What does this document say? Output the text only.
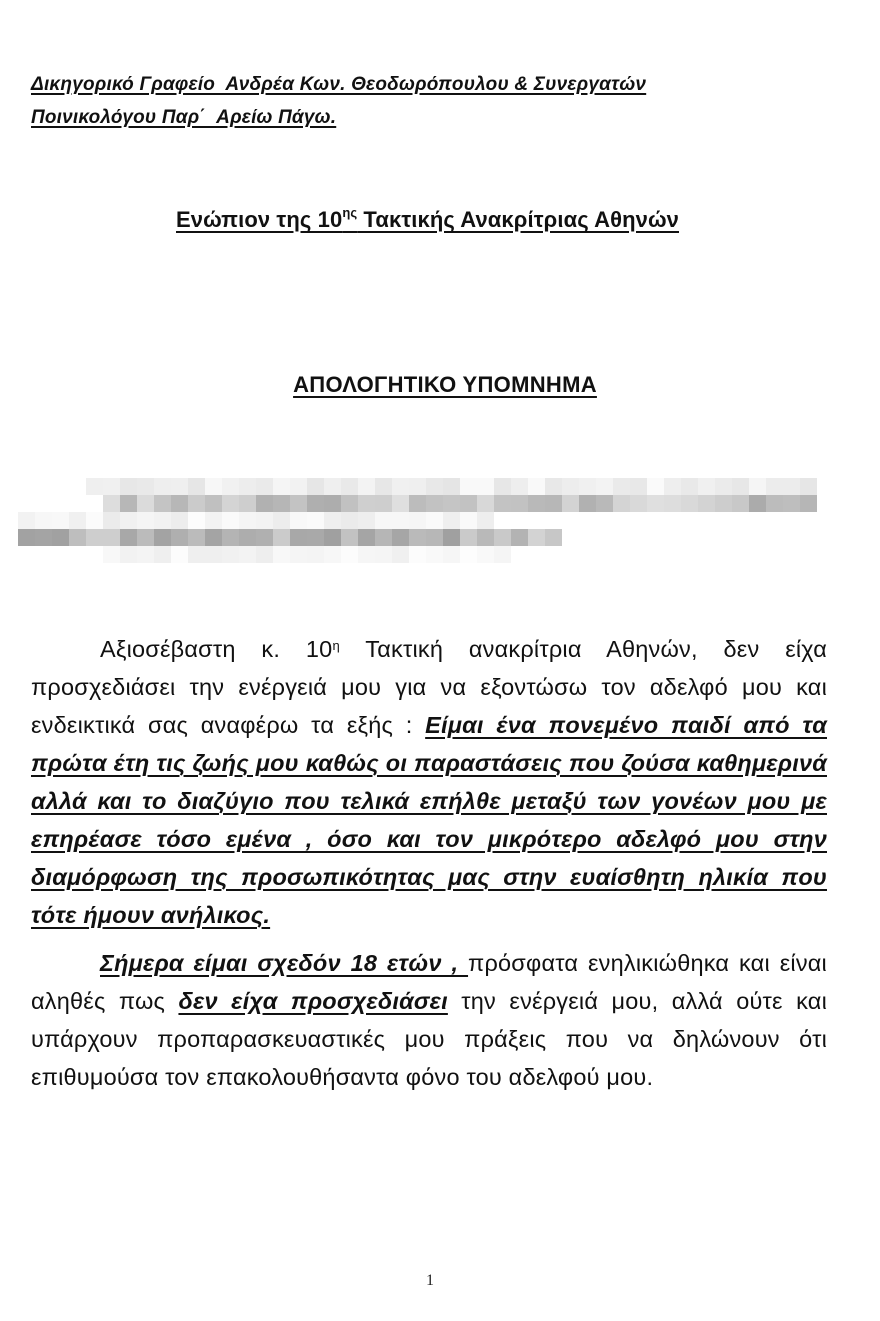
Δικηγορικό Γραφείο  Ανδρέα Κων. Θεοδωρόπουλου & Συνεργατών
Ποινικολόγου Παρ΄  Αρείω Πάγω.
Ενώπιον της $10^{\eta\varsigma}$ Τακτικής Ανακρίτριας Αθηνών
ΑΠΟΛΟΓΗΤΙΚΟ ΥΠΟΜΝΗΜΑ

Αξιοσέβαστη κ. $10^\eta$ Τακτική ανακρίτρια Αθηνών, δεν είχα προσχεδιάσει την ενέργειά μου για να εξοντώσω τον αδελφό μου και ενδεικτικά σας αναφέρω τα εξής : Είμαι ένα πονεμένο παιδί από τα πρώτα έτη τις ζωής μου καθώς οι παραστάσεις που ζούσα καθημερινά αλλά και το διαζύγιο που τελικά επήλθε μεταξύ των γονέων μου με επηρέασε τόσο εμένα , όσο και τον μικρότερο αδελφό μου στην διαμόρφωση της προσωπικότητας μας στην ευαίσθητη ηλικία που τότε ήμουν ανήλικος.

Σήμερα είμαι σχεδόν 18 ετών , πρόσφατα ενηλικιώθηκα και είναι αληθές πως δεν είχα προσχεδιάσει την ενέργειά μου, αλλά ούτε και υπάρχουν προπαρασκευαστικές μου πράξεις που να δηλώνουν ότι επιθυμούσα τον επακολουθήσαντα φόνο του αδελφού μου.

1
